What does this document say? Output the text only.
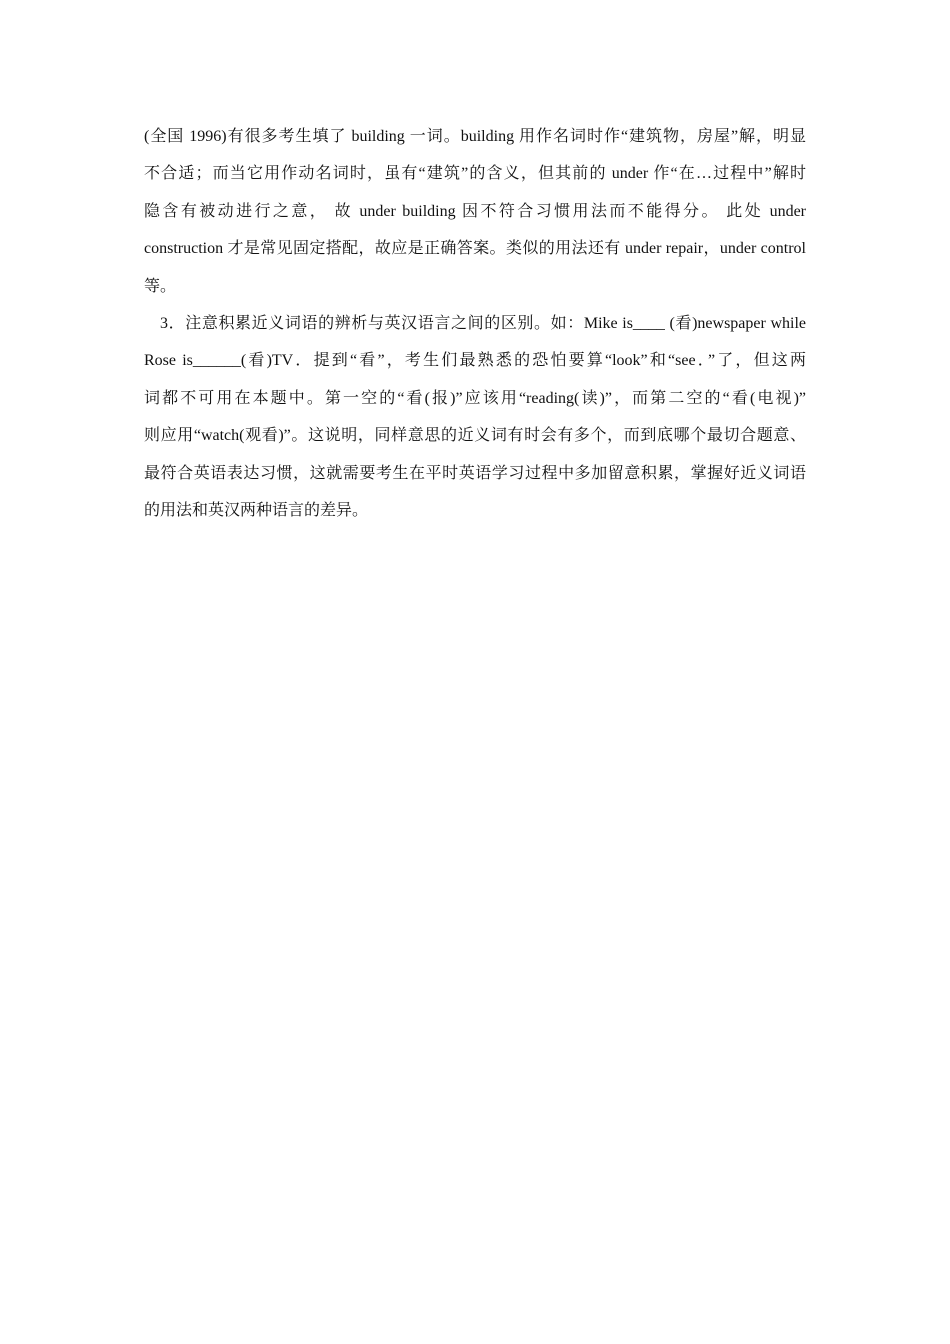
(全国 1996)有很多考生填了 building 一词。building 用作名词时作“建筑物，房屋”解，明显
不合适；而当它用作动名词时，虽有“建筑”的含义，但其前的 under 作“在…过程中”解时
隐含有被动进行之意， 故 under building 因不符合习惯用法而不能得分。 此处 under
construction 才是常见固定搭配，故应是正确答案。类似的用法还有 under repair，under control
等。
3．注意积累近义词语的辨析与英汉语言之间的区别。如：Mike is____ (看)newspaper while
Rose is______(看)TV．提到“看”，考生们最熟悉的恐怕要算“look”和“see．”了，但这两
词都不可用在本题中。第一空的“看(报)”应该用“reading(读)”，而第二空的“看(电视)”
则应用“watch(观看)”。这说明，同样意思的近义词有时会有多个，而到底哪个最切合题意、
最符合英语表达习惯，这就需要考生在平时英语学习过程中多加留意积累，掌握好近义词语
的用法和英汉两种语言的差异。
